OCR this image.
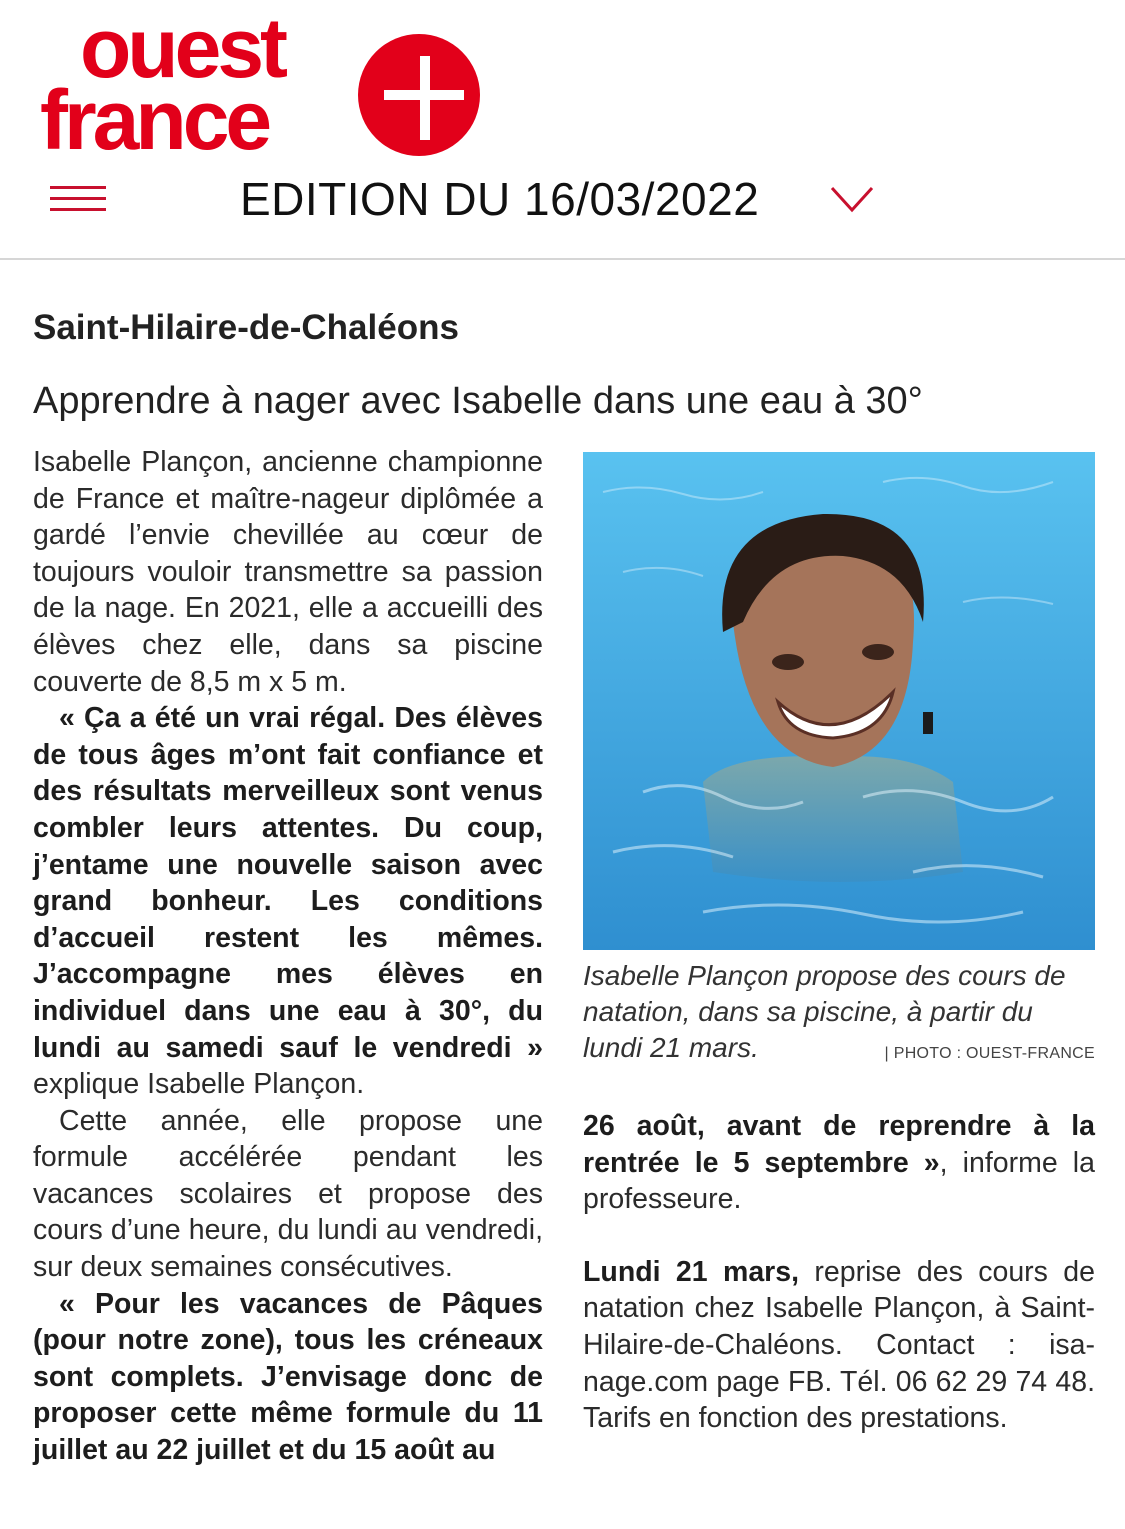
ouest
france
EDITION DU 16/03/2022
Saint-Hilaire-de-Chaléons
Apprendre à nager avec Isabelle dans une eau à 30°

Isabelle Plançon, ancienne championne de France et maître-nageur diplômée a gardé l’envie chevillée au cœur de toujours vouloir transmettre sa passion de la nage. En 2021, elle a accueilli des élèves chez elle, dans sa piscine couverte de 8,5 m x 5 m.

« Ça a été un vrai régal. Des élèves de tous âges m’ont fait confiance et des résultats merveilleux sont venus combler leurs attentes. Du coup, j’entame une nouvelle saison avec grand bonheur. Les conditions d’accueil restent les mêmes. J’accompagne mes élèves en individuel dans une eau à 30°, du lundi au samedi sauf le vendredi » explique Isabelle Plançon.

Cette année, elle propose une formule accélérée pendant les vacances scolaires et propose des cours d’une heure, du lundi au vendredi, sur deux semaines consécutives.

« Pour les vacances de Pâques (pour notre zone), tous les créneaux sont complets. J’envisage donc de proposer cette même formule du 11 juillet au 22 juillet et du 15 août au

Isabelle Plançon propose des cours de natation, dans sa piscine, à partir du lundi 21 mars.	| PHOTO : OUEST-FRANCE

26 août, avant de reprendre à la rentrée le 5 septembre », informe la professeure.

Lundi 21 mars, reprise des cours de natation chez Isabelle Plançon, à Saint-Hilaire-de-Chaléons. Contact : isa-nage.com page FB. Tél. 06 62 29 74 48. Tarifs en fonction des prestations.
